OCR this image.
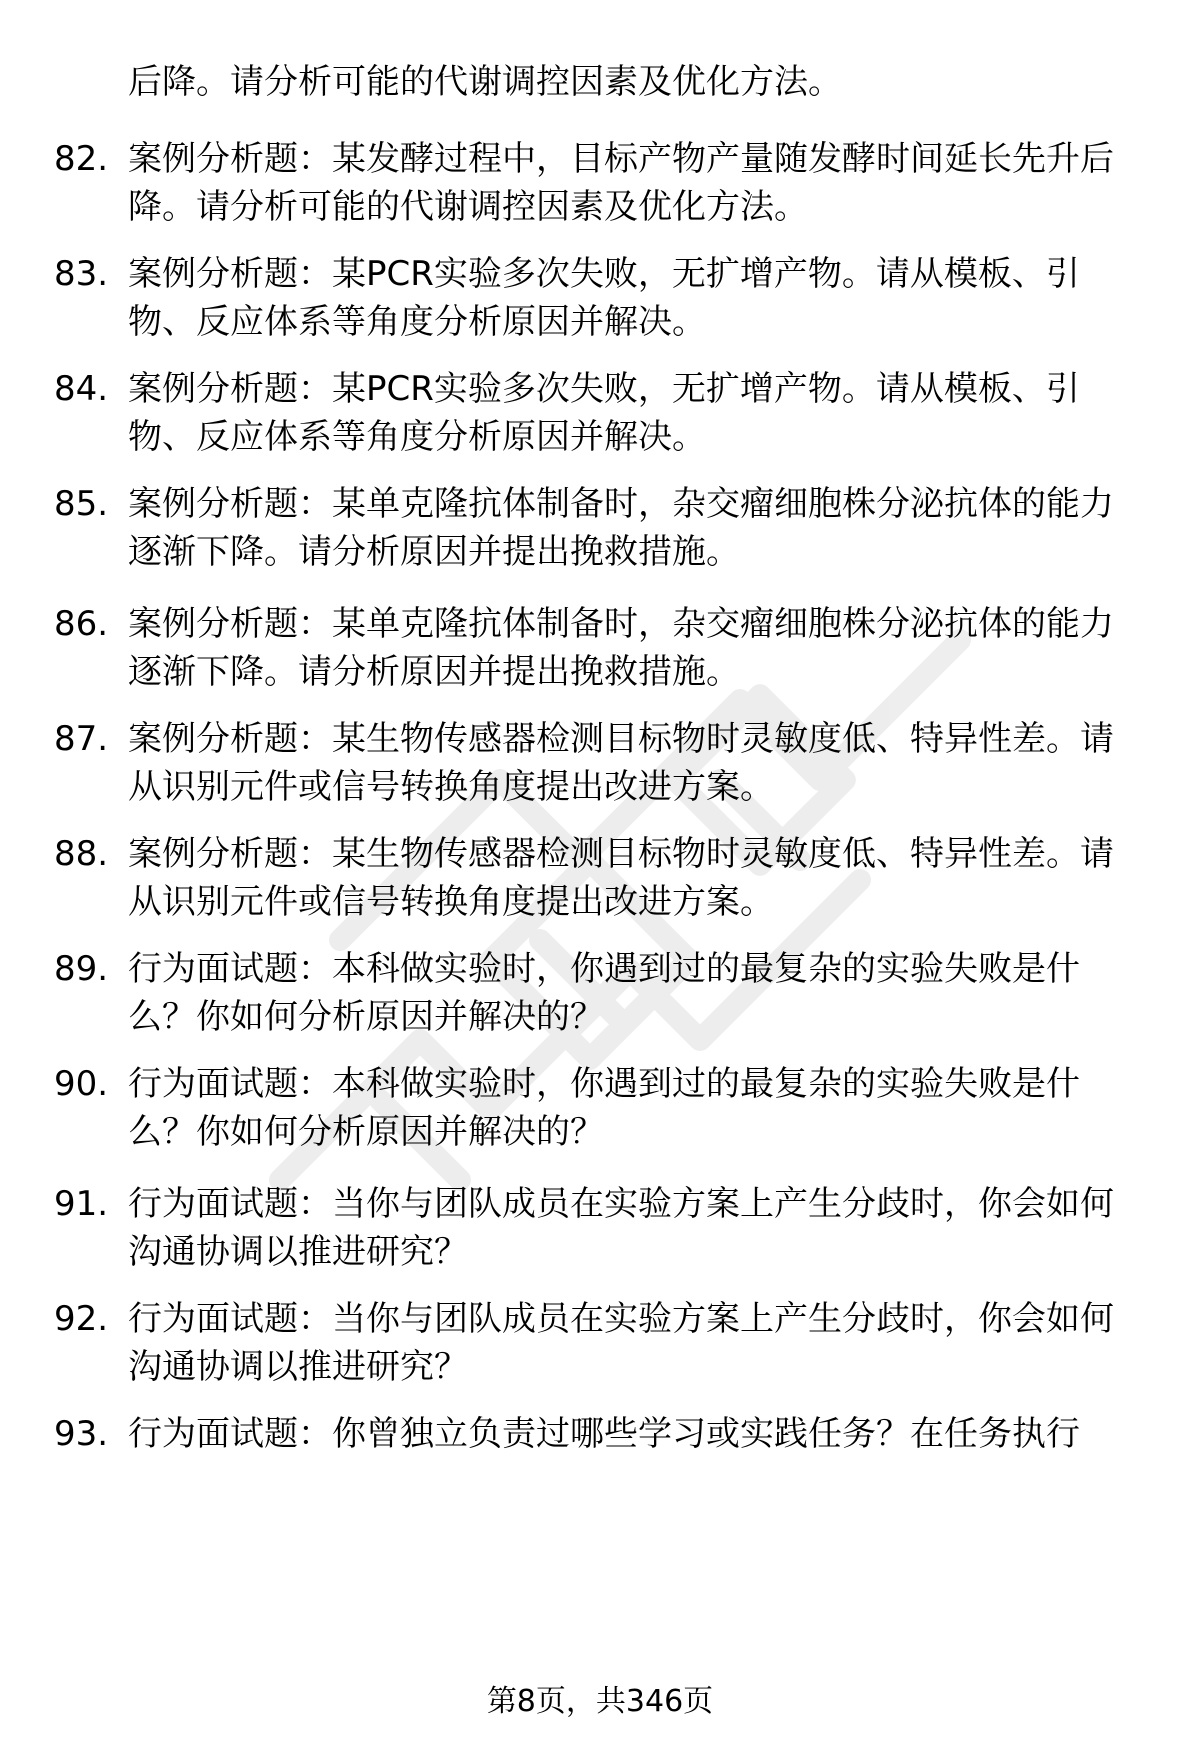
后降。请分析可能的代谢调控因素及优化方法。
82. 案例分析题：某发酵过程中，目标产物产量随发酵时间延长先升后降。请分析可能的代谢调控因素及优化方法。
83. 案例分析题：某PCR实验多次失败，无扩增产物。请从模板、引物、反应体系等角度分析原因并解决。
84. 案例分析题：某PCR实验多次失败，无扩增产物。请从模板、引物、反应体系等角度分析原因并解决。
85. 案例分析题：某单克隆抗体制备时，杂交瘤细胞株分泌抗体的能力逐渐下降。请分析原因并提出挽救措施。
86. 案例分析题：某单克隆抗体制备时，杂交瘤细胞株分泌抗体的能力逐渐下降。请分析原因并提出挽救措施。
87. 案例分析题：某生物传感器检测目标物时灵敏度低、特异性差。请从识别元件或信号转换角度提出改进方案。
88. 案例分析题：某生物传感器检测目标物时灵敏度低、特异性差。请从识别元件或信号转换角度提出改进方案。
89. 行为面试题：本科做实验时，你遇到过的最复杂的实验失败是什么？你如何分析原因并解决的？
90. 行为面试题：本科做实验时，你遇到过的最复杂的实验失败是什么？你如何分析原因并解决的？
91. 行为面试题：当你与团队成员在实验方案上产生分歧时，你会如何沟通协调以推进研究？
92. 行为面试题：当你与团队成员在实验方案上产生分歧时，你会如何沟通协调以推进研究？
93. 行为面试题：你曾独立负责过哪些学习或实践任务？在任务执行
第8页，共346页
